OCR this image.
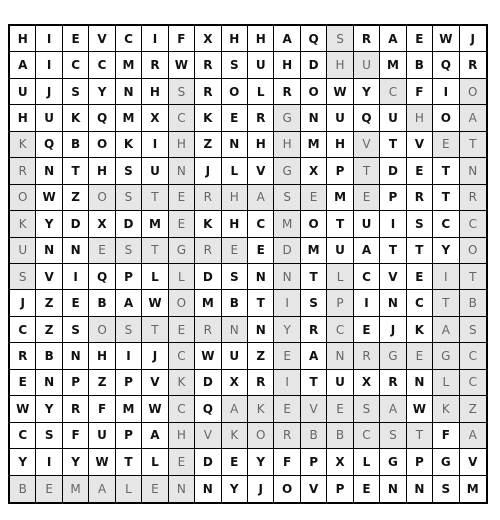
H	I	E	V	C	I	F	X	H	H	A	Q	S	R	A	E	W	J
A	I	C	C	M	R	W	R	S	U	H	D	H	U	M	B	Q	R
U	J	S	Y	N	H	S	R	O	L	R	O	W	Y	C	F	I	O
H	U	K	Q	M	X	C	K	E	R	G	N	U	Q	U	H	O	A
K	Q	B	O	K	I	H	Z	N	H	H	M	H	V	T	V	E	T
R	N	T	H	S	U	N	J	L	V	G	X	P	T	D	E	T	N
O	W	Z	O	S	T	E	R	H	A	S	E	M	E	P	R	T	R
K	Y	D	X	D	M	E	K	H	C	M	O	T	U	I	S	C	C
U	N	N	E	S	T	G	R	E	E	D	M	U	A	T	T	Y	O
S	V	I	Q	P	L	L	D	S	N	N	T	L	C	V	E	I	T
J	Z	E	B	A	W	O	M	B	T	I	S	P	I	N	C	T	B
C	Z	S	O	S	T	E	R	N	N	Y	R	C	E	J	K	A	S
R	B	N	H	I	J	C	W	U	Z	E	A	N	R	G	E	G	C
E	N	P	Z	P	V	K	D	X	R	I	T	U	X	R	N	L	C
W	Y	R	F	M	W	C	Q	A	K	E	V	E	S	A	W	K	Z
C	S	F	U	P	A	H	V	K	O	R	B	B	C	S	T	F	A
Y	I	Y	W	T	L	E	D	E	Y	F	P	X	L	G	P	G	V
B	E	M	A	L	E	N	N	Y	J	O	V	P	E	N	N	S	M
